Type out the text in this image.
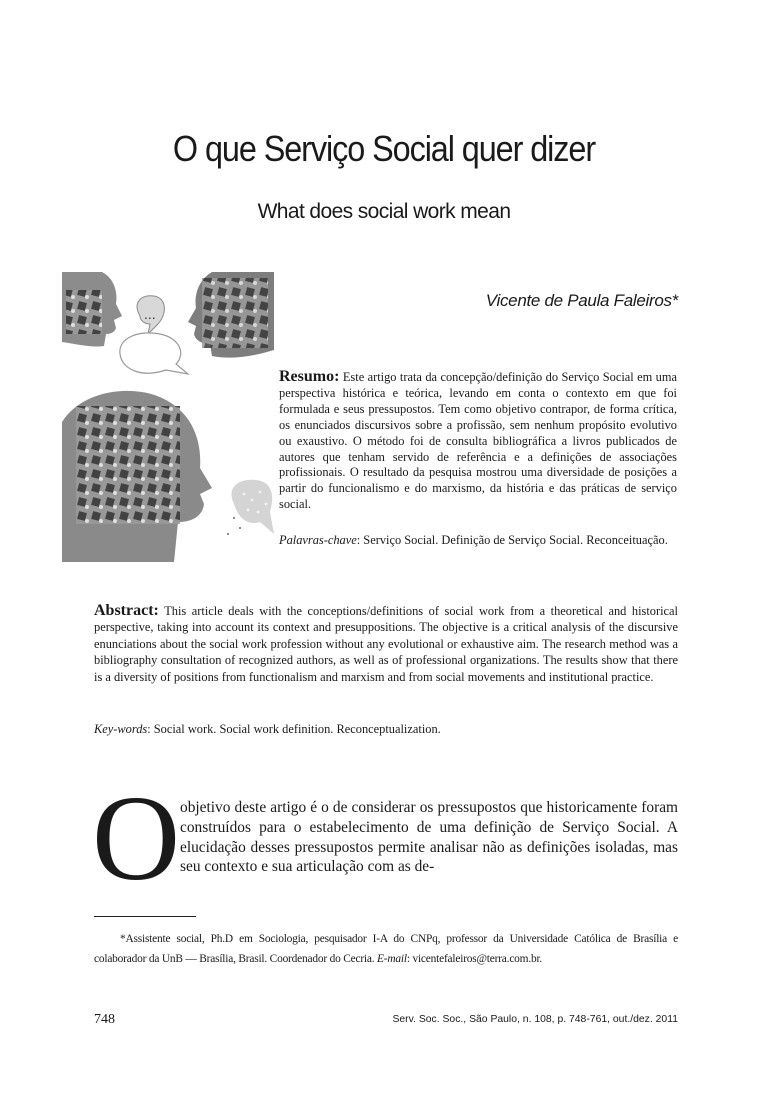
O que Serviço Social quer dizer
What does social work mean
Vicente de Paula Faleiros*
...
Resumo: Este artigo trata da concepção/definição do Serviço Social em uma perspectiva histórica e teórica, levando em conta o contexto em que foi formulada e seus pressupostos. Tem como objetivo contrapor, de forma crítica, os enunciados discursivos sobre a profissão, sem nenhum propósito evolutivo ou exaustivo. O método foi de consulta bibliográfica a livros publicados de autores que tenham servido de referência e a definições de associações profissionais. O resultado da pesquisa mostrou uma diversidade de posições a partir do funcionalismo e do marxismo, da história e das práticas de serviço social.
Palavras-chave: Serviço Social. Definição de Serviço Social. Reconceituação.
Abstract: This article deals with the conceptions/definitions of social work from a theoretical and historical perspective, taking into account its context and presuppositions. The objective is a critical analysis of the discursive enunciations about the social work profession without any evolutional or exhaustive aim. The research method was a bibliography consultation of recognized authors, as well as of professional organizations. The results show that there is a diversity of positions from functionalism and marxism and from social movements and institutional practice.
Key-words: Social work. Social work definition. Reconceptualization.
O objetivo deste artigo é o de considerar os pressupostos que historicamente foram construídos para o estabelecimento de uma definição de Serviço Social. A elucidação desses pressupostos permite analisar não as definições isoladas, mas seu contexto e sua articulação com as de-
*Assistente social, Ph.D em Sociologia, pesquisador I-A do CNPq, professor da Universidade Católica de Brasília e colaborador da UnB — Brasília, Brasil. Coordenador do Cecria. E-mail: vicentefaleiros@terra.com.br.
748	Serv. Soc. Soc., São Paulo, n. 108, p. 748-761, out./dez. 2011
